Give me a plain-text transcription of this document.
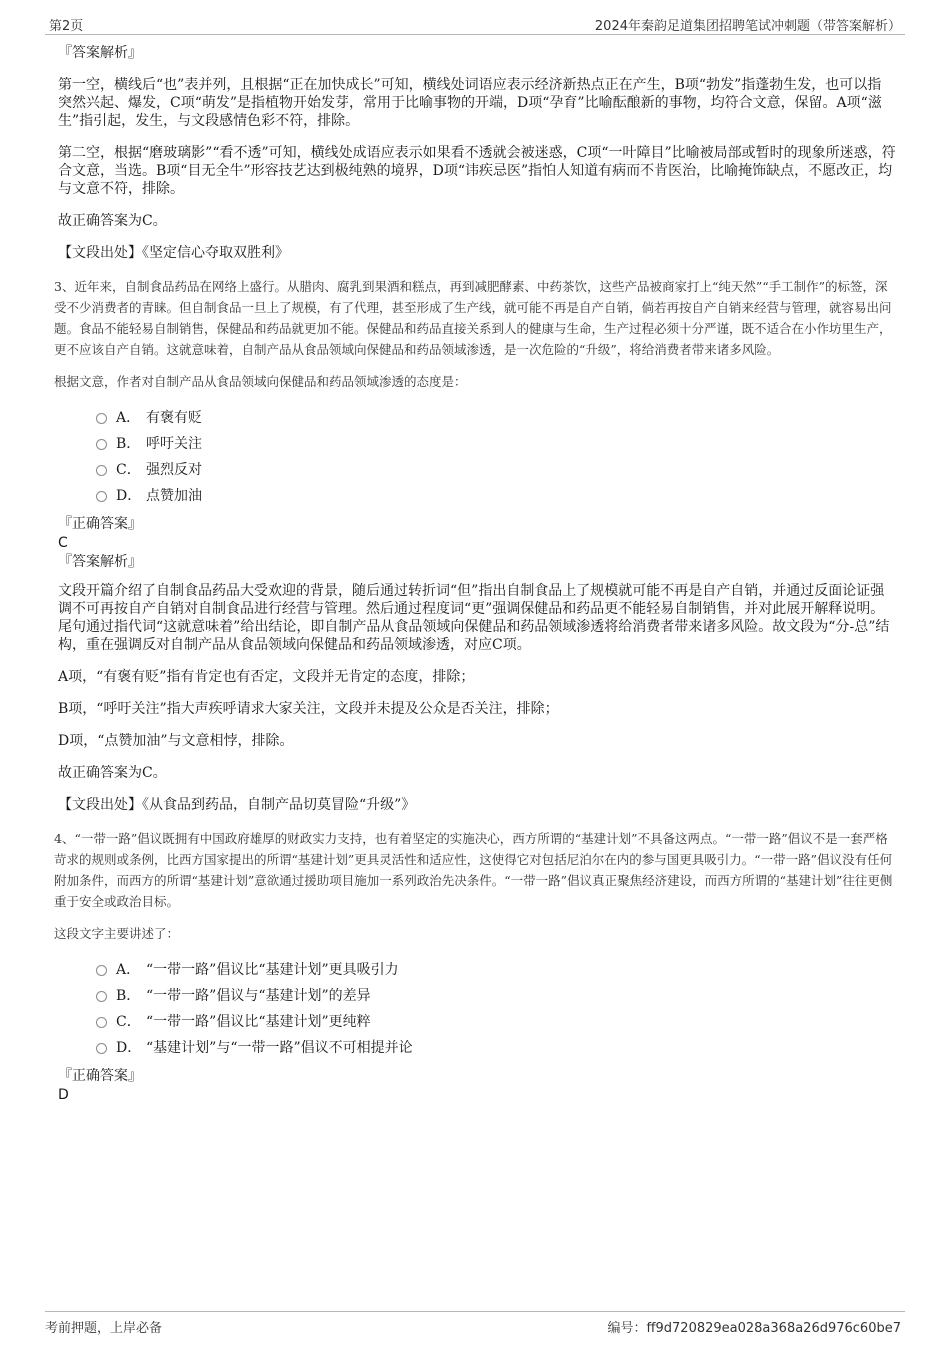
第2页	2024年秦韵足道集团招聘笔试冲刺题（带答案解析）
『答案解析』
第一空，横线后“也”表并列，且根据“正在加快成长”可知，横线处词语应表示经济新热点正在产生，B项“勃发”指蓬勃生发，也可以指突然兴起、爆发，C项“萌发”是指植物开始发芽，常用于比喻事物的开端，D项“孕育”比喻酝酿新的事物，均符合文意，保留。A项“滋生”指引起，发生，与文段感情色彩不符，排除。
第二空，根据“磨玻璃影”“看不透”可知，横线处成语应表示如果看不透就会被迷惑，C项“一叶障目”比喻被局部或暂时的现象所迷惑，符合文意，当选。B项“目无全牛”形容技艺达到极纯熟的境界，D项“讳疾忌医”指怕人知道有病而不肯医治，比喻掩饰缺点，不愿改正，均与文意不符，排除。
故正确答案为C。
【文段出处】《坚定信心夺取双胜利》
3、近年来，自制食品药品在网络上盛行。从腊肉、腐乳到果酒和糕点，再到减肥酵素、中药茶饮，这些产品被商家打上“纯天然”“手工制作”的标签，深受不少消费者的青睐。但自制食品一旦上了规模，有了代理，甚至形成了生产线，就可能不再是自产自销，倘若再按自产自销来经营与管理，就容易出问题。食品不能轻易自制销售，保健品和药品就更加不能。保健品和药品直接关系到人的健康与生命，生产过程必须十分严谨，既不适合在小作坊里生产，更不应该自产自销。这就意味着，自制产品从食品领域向保健品和药品领域渗透，是一次危险的“升级”，将给消费者带来诸多风险。
根据文意，作者对自制产品从食品领域向保健品和药品领域渗透的态度是：
A． 有褒有贬
B． 呼吁关注
C． 强烈反对
D． 点赞加油
『正确答案』
C
『答案解析』
文段开篇介绍了自制食品药品大受欢迎的背景，随后通过转折词“但”指出自制食品上了规模就可能不再是自产自销，并通过反面论证强调不可再按自产自销对自制食品进行经营与管理。然后通过程度词“更”强调保健品和药品更不能轻易自制销售，并对此展开解释说明。尾句通过指代词“这就意味着”给出结论，即自制产品从食品领域向保健品和药品领域渗透将给消费者带来诸多风险。故文段为“分-总”结构，重在强调反对自制产品从食品领域向保健品和药品领域渗透，对应C项。
A项，“有褒有贬”指有肯定也有否定，文段并无肯定的态度，排除；
B项，“呼吁关注”指大声疾呼请求大家关注，文段并未提及公众是否关注，排除；
D项，“点赞加油”与文意相悖，排除。
故正确答案为C。
【文段出处】《从食品到药品，自制产品切莫冒险“升级”》
4、“一带一路”倡议既拥有中国政府雄厚的财政实力支持，也有着坚定的实施决心，西方所谓的“基建计划”不具备这两点。“一带一路”倡议不是一套严格苛求的规则或条例，比西方国家提出的所谓“基建计划”更具灵活性和适应性，这使得它对包括尼泊尔在内的参与国更具吸引力。“一带一路”倡议没有任何附加条件，而西方的所谓“基建计划”意欲通过援助项目施加一系列政治先决条件。“一带一路”倡议真正聚焦经济建设，而西方所谓的“基建计划”往往更侧重于安全或政治目标。
这段文字主要讲述了：
A． “一带一路”倡议比“基建计划”更具吸引力
B． “一带一路”倡议与“基建计划”的差异
C． “一带一路”倡议比“基建计划”更纯粹
D． “基建计划”与“一带一路”倡议不可相提并论
『正确答案』
D
考前押题，上岸必备	编号：ff9d720829ea028a368a26d976c60be7
